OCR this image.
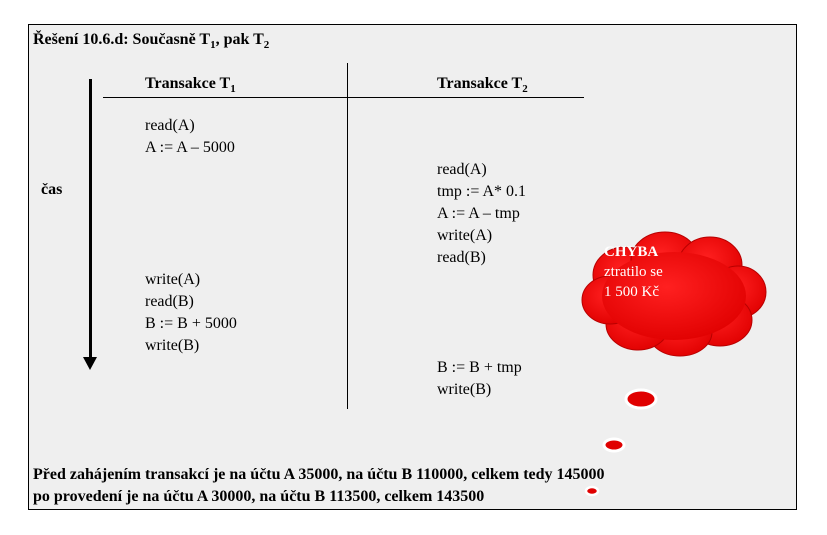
Řešení 10.6.d: Současně $T_1$, pak $T_2$
Transakce $T_1$	Transakce $T_2$
čas
read(A)
A := A – 5000
read(A)
tmp := A* 0.1
A := A – tmp
write(A)
read(B)
write(A)
read(B)
B := B + 5000
write(B)
B := B + tmp
write(B)
Před zahájením transakcí je na účtu A 35000, na účtu B 110000, celkem tedy 145000
po provedení je na účtu A 30000, na účtu B 113500, celkem 143500
CHYBA
ztratilo se
1 500 Kč
